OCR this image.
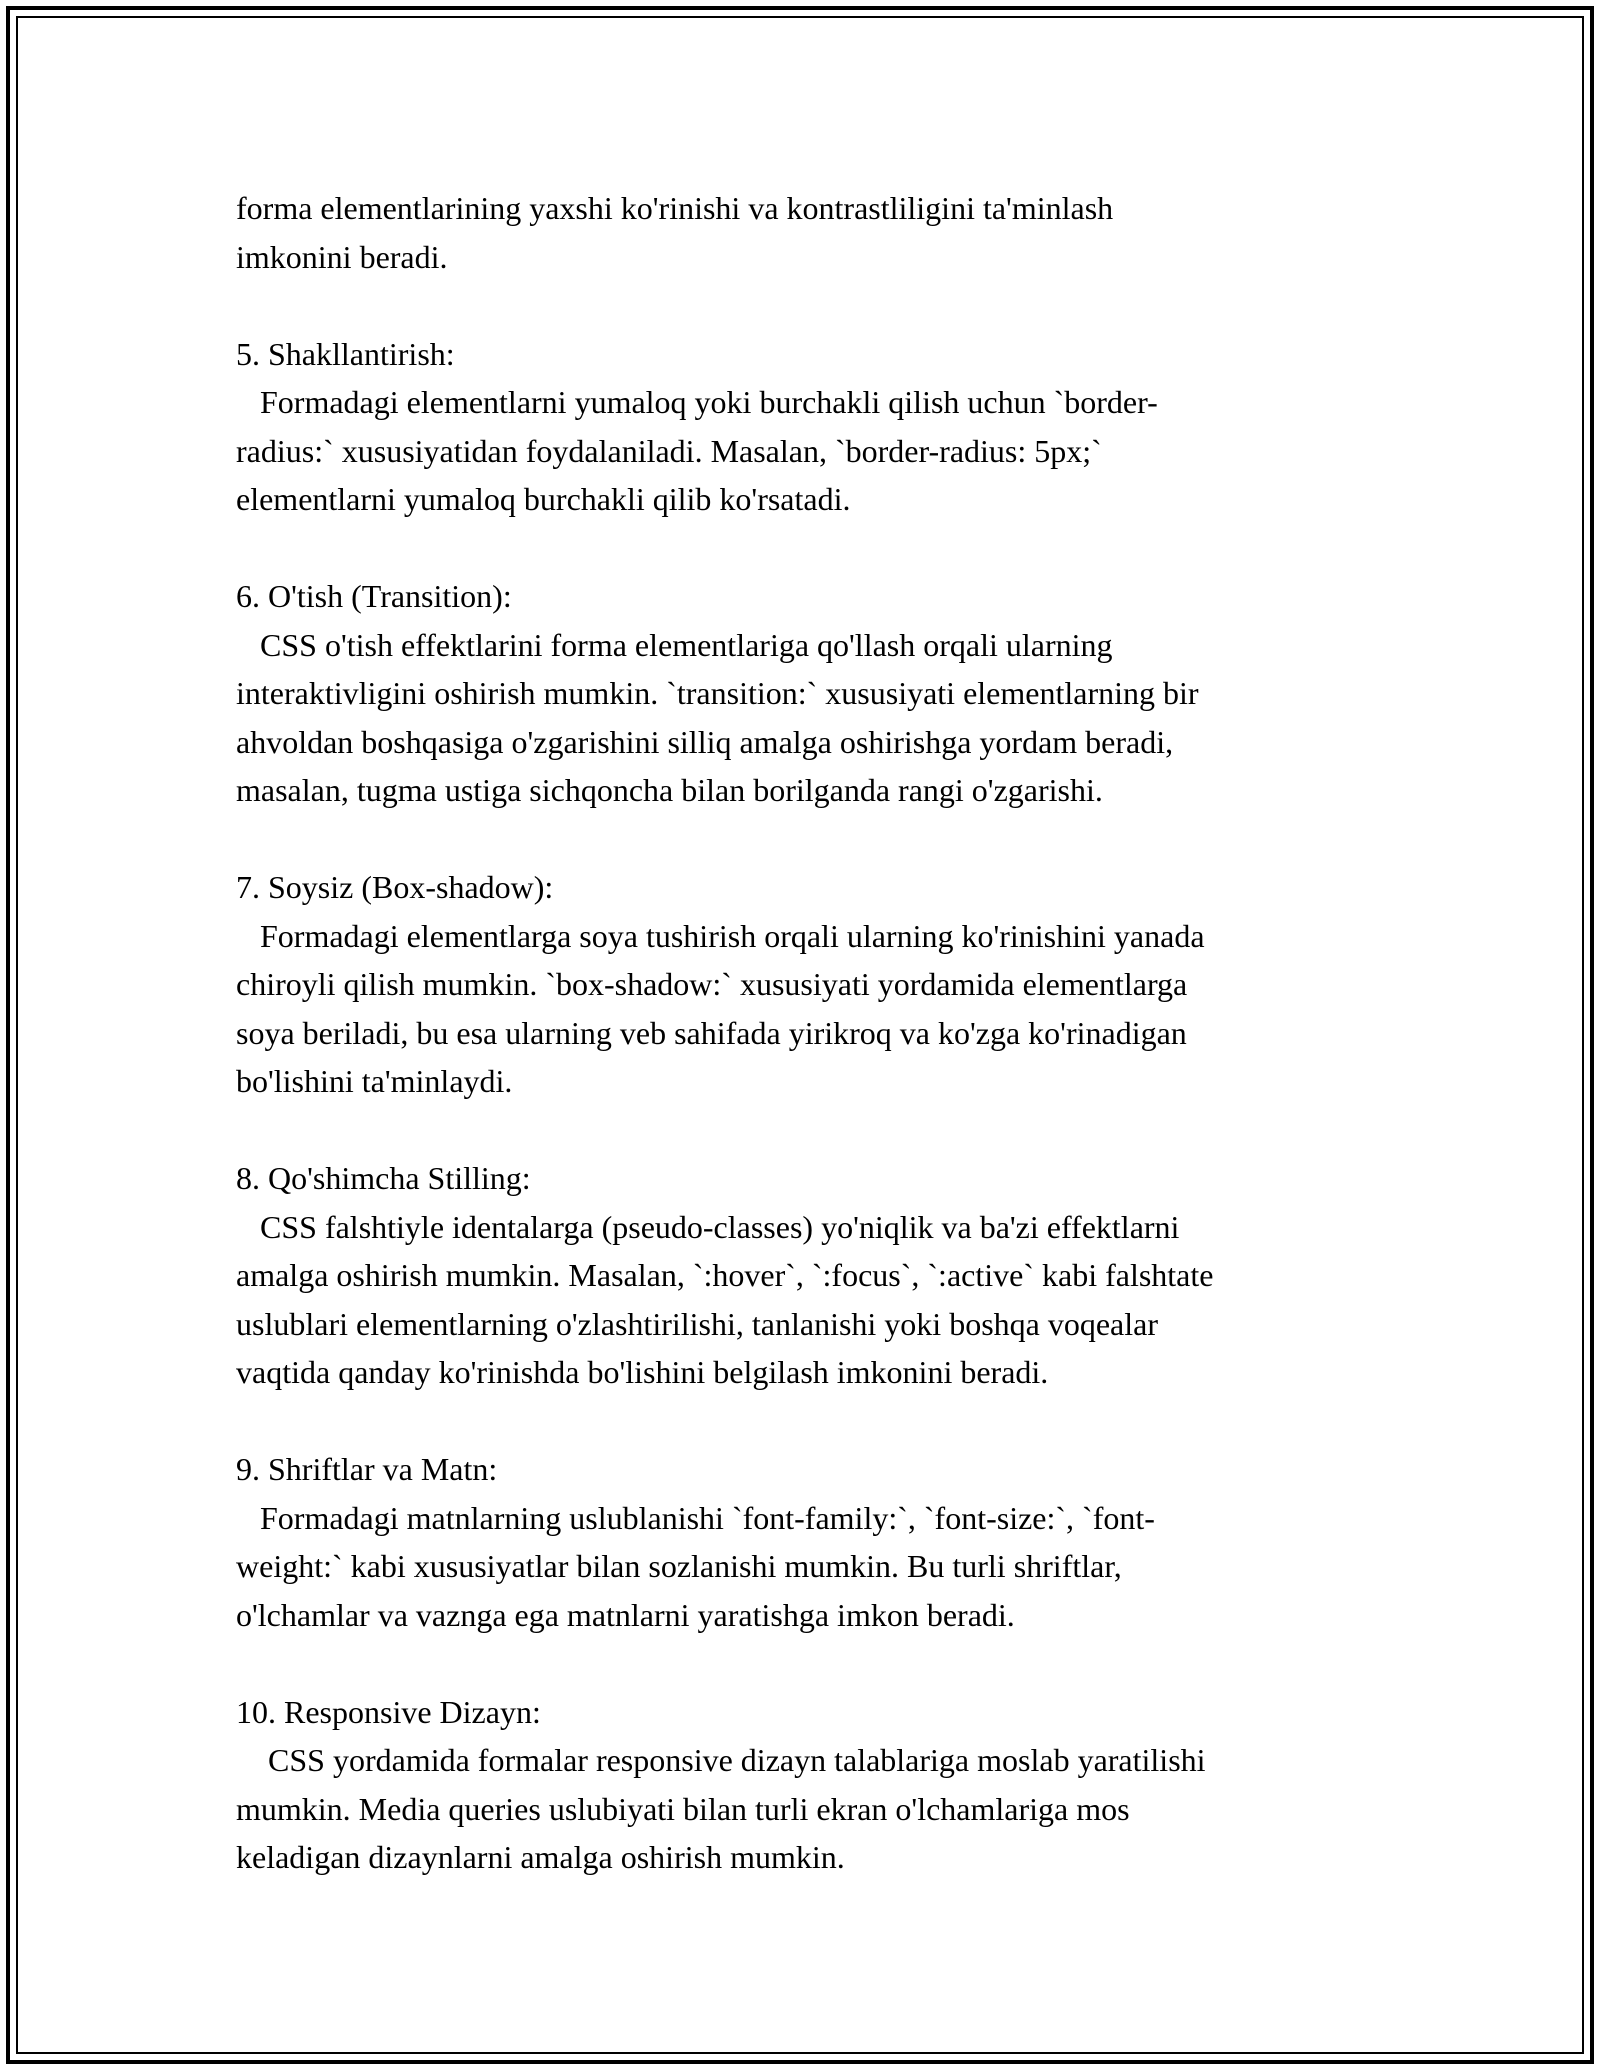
forma elementlarining yaxshi ko'rinishi va kontrastliligini ta'minlash
imkonini beradi.
5. Shakllantirish:
Formadagi elementlarni yumaloq yoki burchakli qilish uchun `border-
radius:` xususiyatidan foydalaniladi. Masalan, `border-radius: 5px;`
elementlarni yumaloq burchakli qilib ko'rsatadi.
6. O'tish (Transition):
CSS o'tish effektlarini forma elementlariga qo'llash orqali ularning
interaktivligini oshirish mumkin. `transition:` xususiyati elementlarning bir
ahvoldan boshqasiga o'zgarishini silliq amalga oshirishga yordam beradi,
masalan, tugma ustiga sichqoncha bilan borilganda rangi o'zgarishi.
7. Soysiz (Box-shadow):
Formadagi elementlarga soya tushirish orqali ularning ko'rinishini yanada
chiroyli qilish mumkin. `box-shadow:` xususiyati yordamida elementlarga
soya beriladi, bu esa ularning veb sahifada yirikroq va ko'zga ko'rinadigan
bo'lishini ta'minlaydi.
8. Qo'shimcha Stilling:
CSS falshtiyle identalarga (pseudo-classes) yo'niqlik va ba'zi effektlarni
amalga oshirish mumkin. Masalan, `:hover`, `:focus`, `:active` kabi falshtate
uslublari elementlarning o'zlashtirilishi, tanlanishi yoki boshqa voqealar
vaqtida qanday ko'rinishda bo'lishini belgilash imkonini beradi.
9. Shriftlar va Matn:
Formadagi matnlarning uslublanishi `font-family:`, `font-size:`, `font-
weight:` kabi xususiyatlar bilan sozlanishi mumkin. Bu turli shriftlar,
o'lchamlar va vaznga ega matnlarni yaratishga imkon beradi.
10. Responsive Dizayn:
CSS yordamida formalar responsive dizayn talablariga moslab yaratilishi
mumkin. Media queries uslubiyati bilan turli ekran o'lchamlariga mos
keladigan dizaynlarni amalga oshirish mumkin.
